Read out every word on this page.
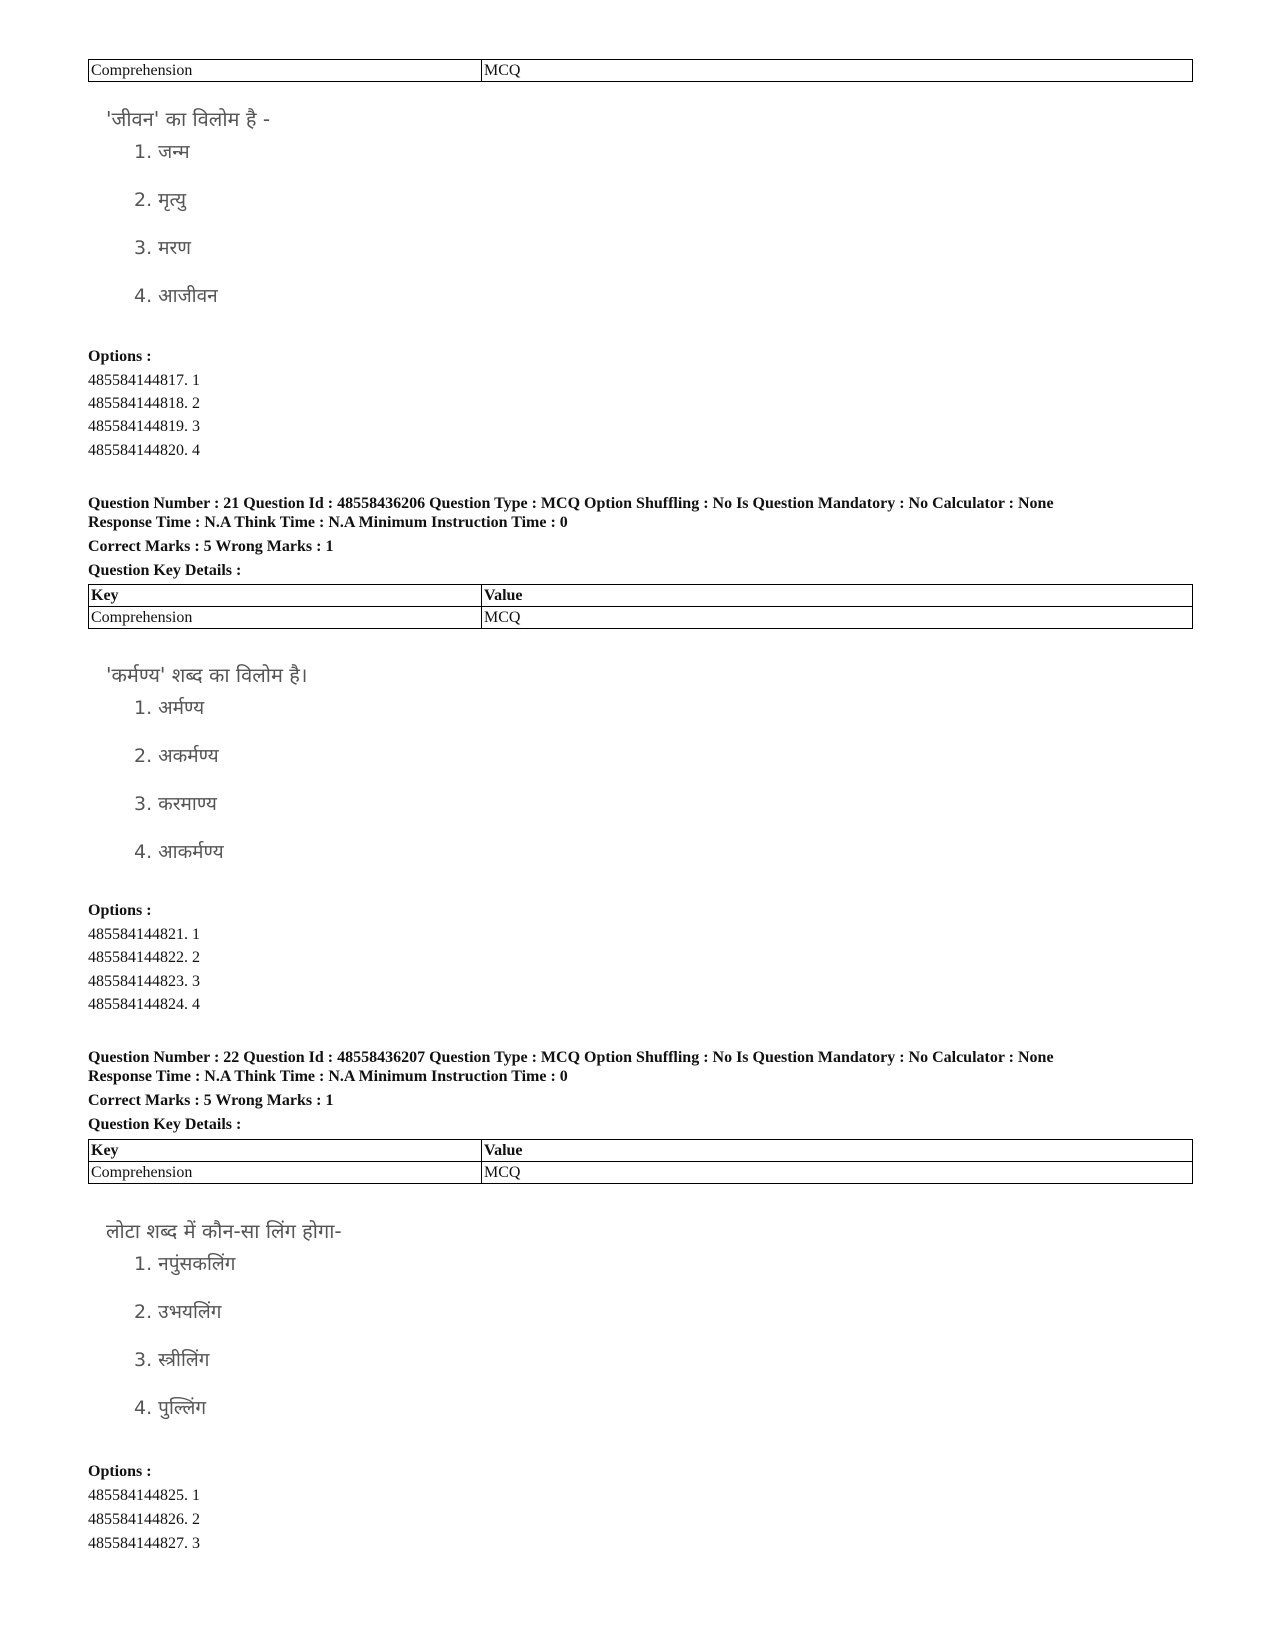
Comprehension	MCQ
'जीवन' का विलोम है -
1. जन्म
2. मृत्यु
3. मरण
4. आजीवन
Options :
485584144817. 1
485584144818. 2
485584144819. 3
485584144820. 4
Question Number : 21 Question Id : 48558436206 Question Type : MCQ Option Shuffling : No Is Question Mandatory : No Calculator : None
Response Time : N.A Think Time : N.A Minimum Instruction Time : 0
Correct Marks : 5 Wrong Marks : 1
Question Key Details :
Key	Value
Comprehension	MCQ
'कर्मण्य' शब्द का विलोम है।
1. अर्मण्य
2. अकर्मण्य
3. करमाण्य
4. आकर्मण्य
Options :
485584144821. 1
485584144822. 2
485584144823. 3
485584144824. 4
Question Number : 22 Question Id : 48558436207 Question Type : MCQ Option Shuffling : No Is Question Mandatory : No Calculator : None
Response Time : N.A Think Time : N.A Minimum Instruction Time : 0
Correct Marks : 5 Wrong Marks : 1
Question Key Details :
Key	Value
Comprehension	MCQ
लोटा शब्द में कौन-सा लिंग होगा-
1. नपुंसकलिंग
2. उभयलिंग
3. स्त्रीलिंग
4. पुल्लिंग
Options :
485584144825. 1
485584144826. 2
485584144827. 3
